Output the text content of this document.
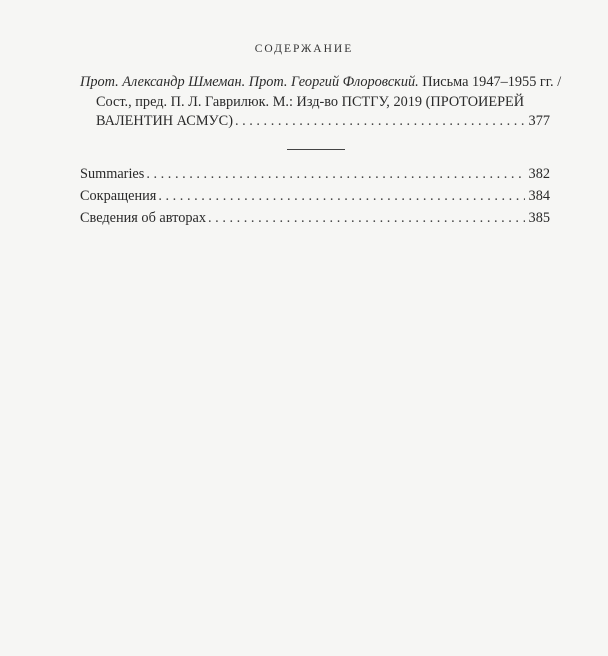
СОДЕРЖАНИЕ
Прот. Александр Шмеман. Прот. Георгий Флоровский. Письма 1947–1955 гг. /
Сост., пред. П. Л. Гаврилюк. М.: Изд-во ПСТГУ, 2019 (ПРОТОИЕРЕЙ
ВАЛЕНТИН АСМУС) . . .	377
Summaries . . .	382
Сокращения . . .	384
Сведения об авторах . . .	385
